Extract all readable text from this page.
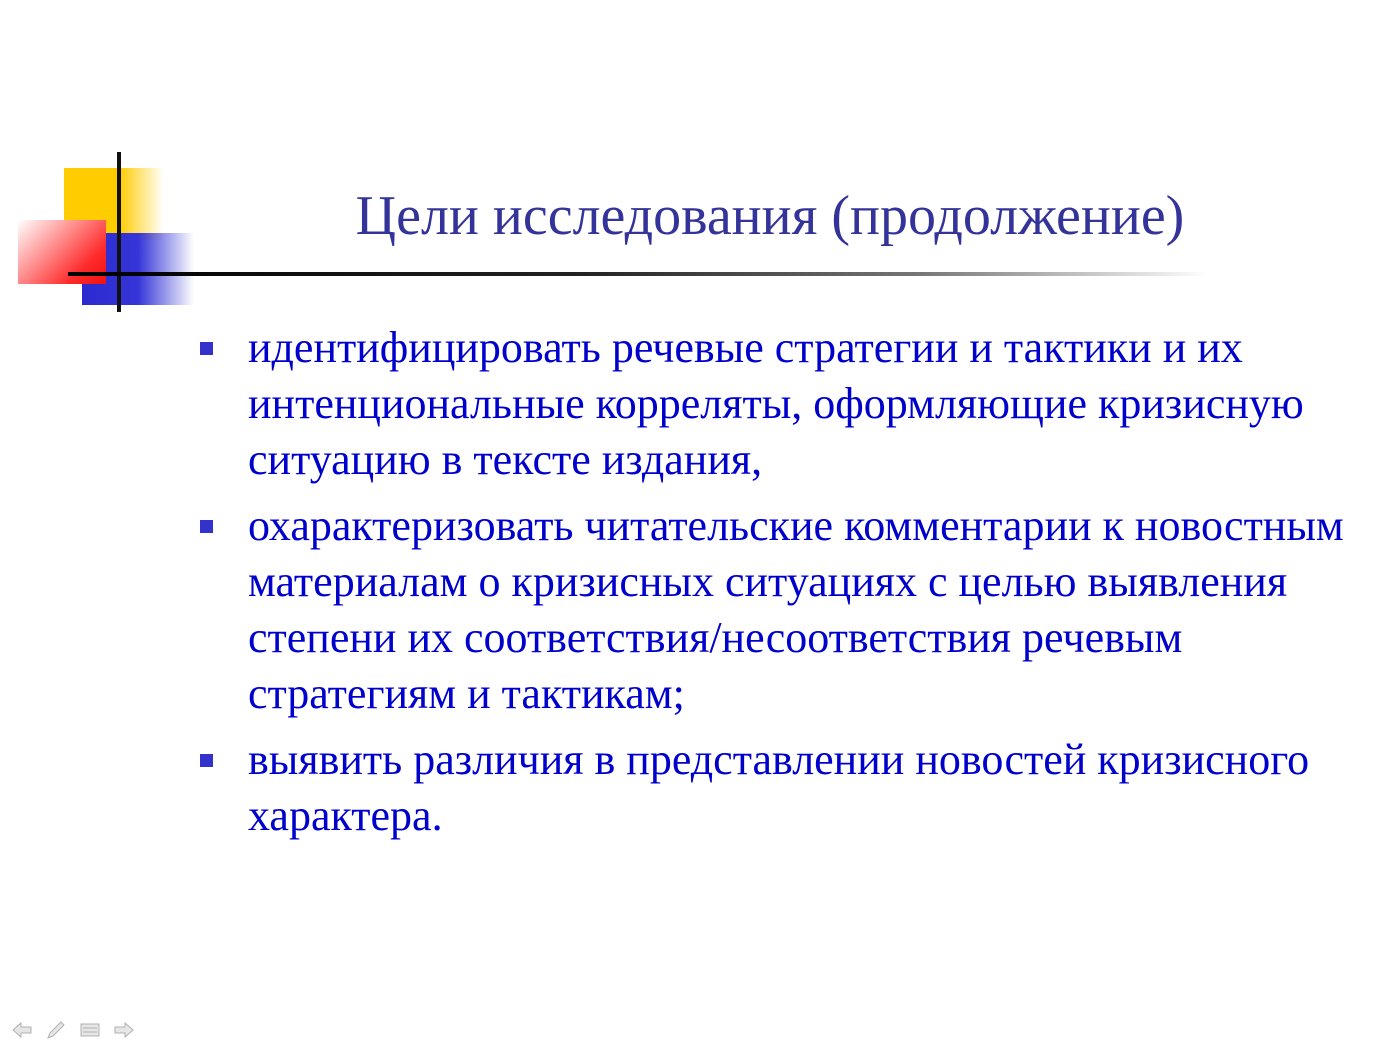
Цели исследования (продолжение)
идентифицировать речевые стратегии и тактики и их интенциональные корреляты, оформляющие кризисную ситуацию в тексте издания,
охарактеризовать читательские комментарии к новостным материалам о кризисных ситуациях с целью выявления степени их соответствия/несоответствия речевым стратегиям и тактикам;
выявить различия в представлении новостей кризисного характера.
